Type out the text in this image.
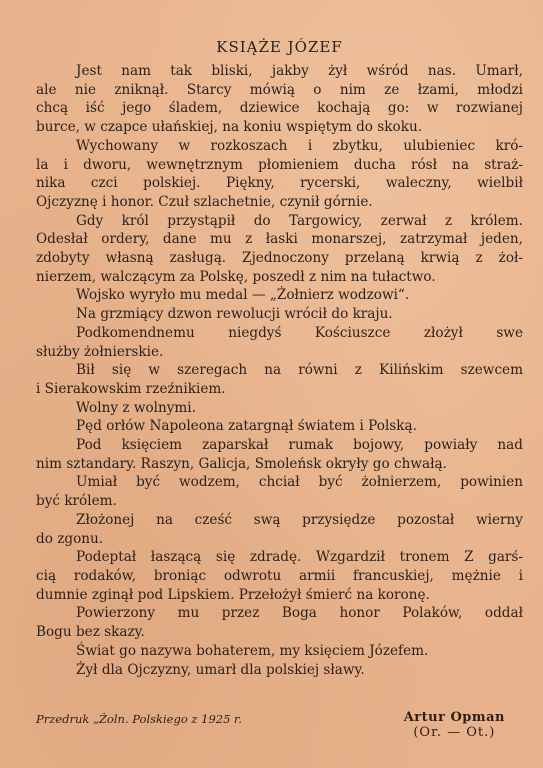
KSIĄŻE JÓZEF
Jest nam tak bliski, jakby żył wśród nas. Umarł,
ale nie zniknął. Starcy mówią o nim ze łzami, młodzi
chcą iść jego śladem, dziewice kochają go: w rozwianej
burce, w czapce ułańskiej, na koniu wspiętym do skoku.
Wychowany w rozkoszach i zbytku, ulubieniec kró-
la i dworu, wewnętrznym płomieniem ducha rósł na straż-
nika czci polskiej. Piękny, rycerski, waleczny, wielbił
Ojczyznę i honor. Czuł szlachetnie, czynił górnie.
Gdy król przystąpił do Targowicy, zerwał z królem.
Odesłał ordery, dane mu z łaski monarszej, zatrzymał jeden,
zdobyty własną zasługą. Zjednoczony przelaną krwią z żoł-
nierzem, walczącym za Polskę, poszedł z nim na tułactwo.
Wojsko wyryło mu medal — „Żołnierz wodzowi“.
Na grzmiący dzwon rewolucji wrócił do kraju.
Podkomendnemu niegdyś Kościuszce złożył swe
służby żołnierskie.
Bił się w szeregach na równi z Kilińskim szewcem
i Sierakowskim rzeźnikiem.
Wolny z wolnymi.
Pęd orłów Napoleona zatargnął światem i Polską.
Pod księciem zaparskał rumak bojowy, powiały nad
nim sztandary. Raszyn, Galicja, Smoleńsk okryły go chwałą.
Umiał być wodzem, chciał być żołnierzem, powinien
być królem.
Złożonej na cześć swą przysiędze pozostał wierny
do zgonu.
Podeptał łaszącą się zdradę. Wzgardził tronem Z garś-
cią rodaków, broniąc odwrotu armii francuskiej, mężnie i
dumnie zginął pod Lipskiem. Przełożył śmierć na koronę.
Powierzony mu przez Boga honor Polaków, oddał
Bogu bez skazy.
Świat go nazywa bohaterem, my księciem Józefem.
Żył dla Ojczyzny, umarł dla polskiej sławy.
Przedruk „Żoln. Polskiego z 1925 r.	Artur Opman
(Or. — Ot.)
